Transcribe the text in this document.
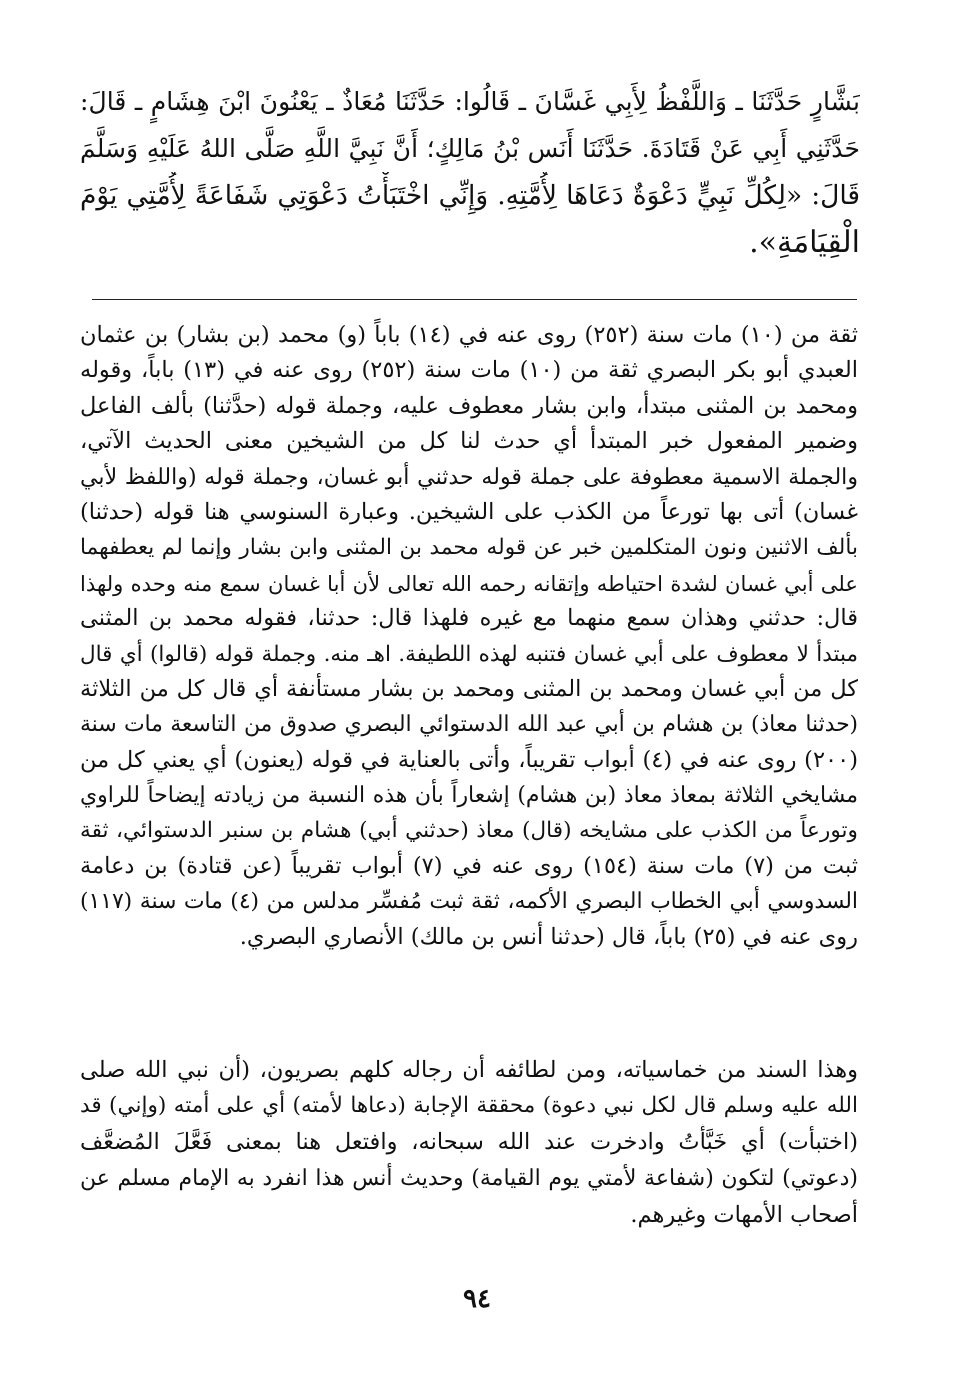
بَشَّارٍ حَدَّثَنَا ـ وَاللَّفْظُ لِأَبِي غَسَّانَ ـ قَالُوا: حَدَّثَنَا مُعَاذٌ ـ يَعْنُونَ ابْنَ هِشَامٍ ـ قَالَ:
حَدَّثَنِي أَبِي عَنْ قَتَادَةَ. حَدَّثَنَا أَنَس بْنُ مَالِكٍ؛ أَنَّ نَبِيَّ اللَّهِ صَلَّى اللهُ عَلَيْهِ وَسَلَّمَ
قَالَ: «لِكُلِّ نَبِيٍّ دَعْوَةٌ دَعَاهَا لِأُمَّتِهِ. وَإِنِّي اخْتَبَأْتُ دَعْوَتِي شَفَاعَةً لِأُمَّتِي يَوْمَ
الْقِيَامَةِ».
ثقة من (١٠) مات سنة (٢٥٢) روى عنه في (١٤) باباً (و) محمد (بن بشار) بن عثمان
العبدي أبو بكر البصري ثقة من (١٠) مات سنة (٢٥٢) روى عنه في (١٣) باباً، وقوله
ومحمد بن المثنى مبتدأ، وابن بشار معطوف عليه، وجملة قوله (حدَّثنا) بألف الفاعل
وضمير المفعول خبر المبتدأ أي حدث لنا كل من الشيخين معنى الحديث الآتي،
والجملة الاسمية معطوفة على جملة قوله حدثني أبو غسان، وجملة قوله (واللفظ لأبي
غسان) أتى بها تورعاً من الكذب على الشيخين. وعبارة السنوسي هنا قوله (حدثنا)
بألف الاثنين ونون المتكلمين خبر عن قوله محمد بن المثنى وابن بشار وإنما لم يعطفهما
على أبي غسان لشدة احتياطه وإتقانه رحمه الله تعالى لأن أبا غسان سمع منه وحده ولهذا
قال: حدثني وهذان سمع منهما مع غيره فلهذا قال: حدثنا، فقوله محمد بن المثنى
مبتدأ لا معطوف على أبي غسان فتنبه لهذه اللطيفة. اهـ منه. وجملة قوله (قالوا) أي قال
كل من أبي غسان ومحمد بن المثنى ومحمد بن بشار مستأنفة أي قال كل من الثلاثة
(حدثنا معاذ) بن هشام بن أبي عبد الله الدستوائي البصري صدوق من التاسعة مات سنة
(٢٠٠) روى عنه في (٤) أبواب تقريباً، وأتى بالعناية في قوله (يعنون) أي يعني كل من
مشايخي الثلاثة بمعاذ معاذ (بن هشام) إشعاراً بأن هذه النسبة من زيادته إيضاحاً للراوي
وتورعاً من الكذب على مشايخه (قال) معاذ (حدثني أبي) هشام بن سنبر الدستوائي، ثقة
ثبت من (٧) مات سنة (١٥٤) روى عنه في (٧) أبواب تقريباً (عن قتادة) بن دعامة
السدوسي أبي الخطاب البصري الأكمه، ثقة ثبت مُفسِّر مدلس من (٤) مات سنة (١١٧)
روى عنه في (٢٥) باباً، قال (حدثنا أنس بن مالك) الأنصاري البصري.
وهذا السند من خماسياته، ومن لطائفه أن رجاله كلهم بصريون، (أن نبي الله صلى
الله عليه وسلم قال لكل نبي دعوة) محققة الإجابة (دعاها لأمته) أي على أمته (وإني) قد
(اختبأت) أي خَبَّأْتُ وادخرت عند الله سبحانه، وافتعل هنا بمعنى فَعَّلَ المُضعَّف
(دعوتي) لتكون (شفاعة لأمتي يوم القيامة) وحديث أنس هذا انفرد به الإمام مسلم عن
أصحاب الأمهات وغيرهم.
٩٤
